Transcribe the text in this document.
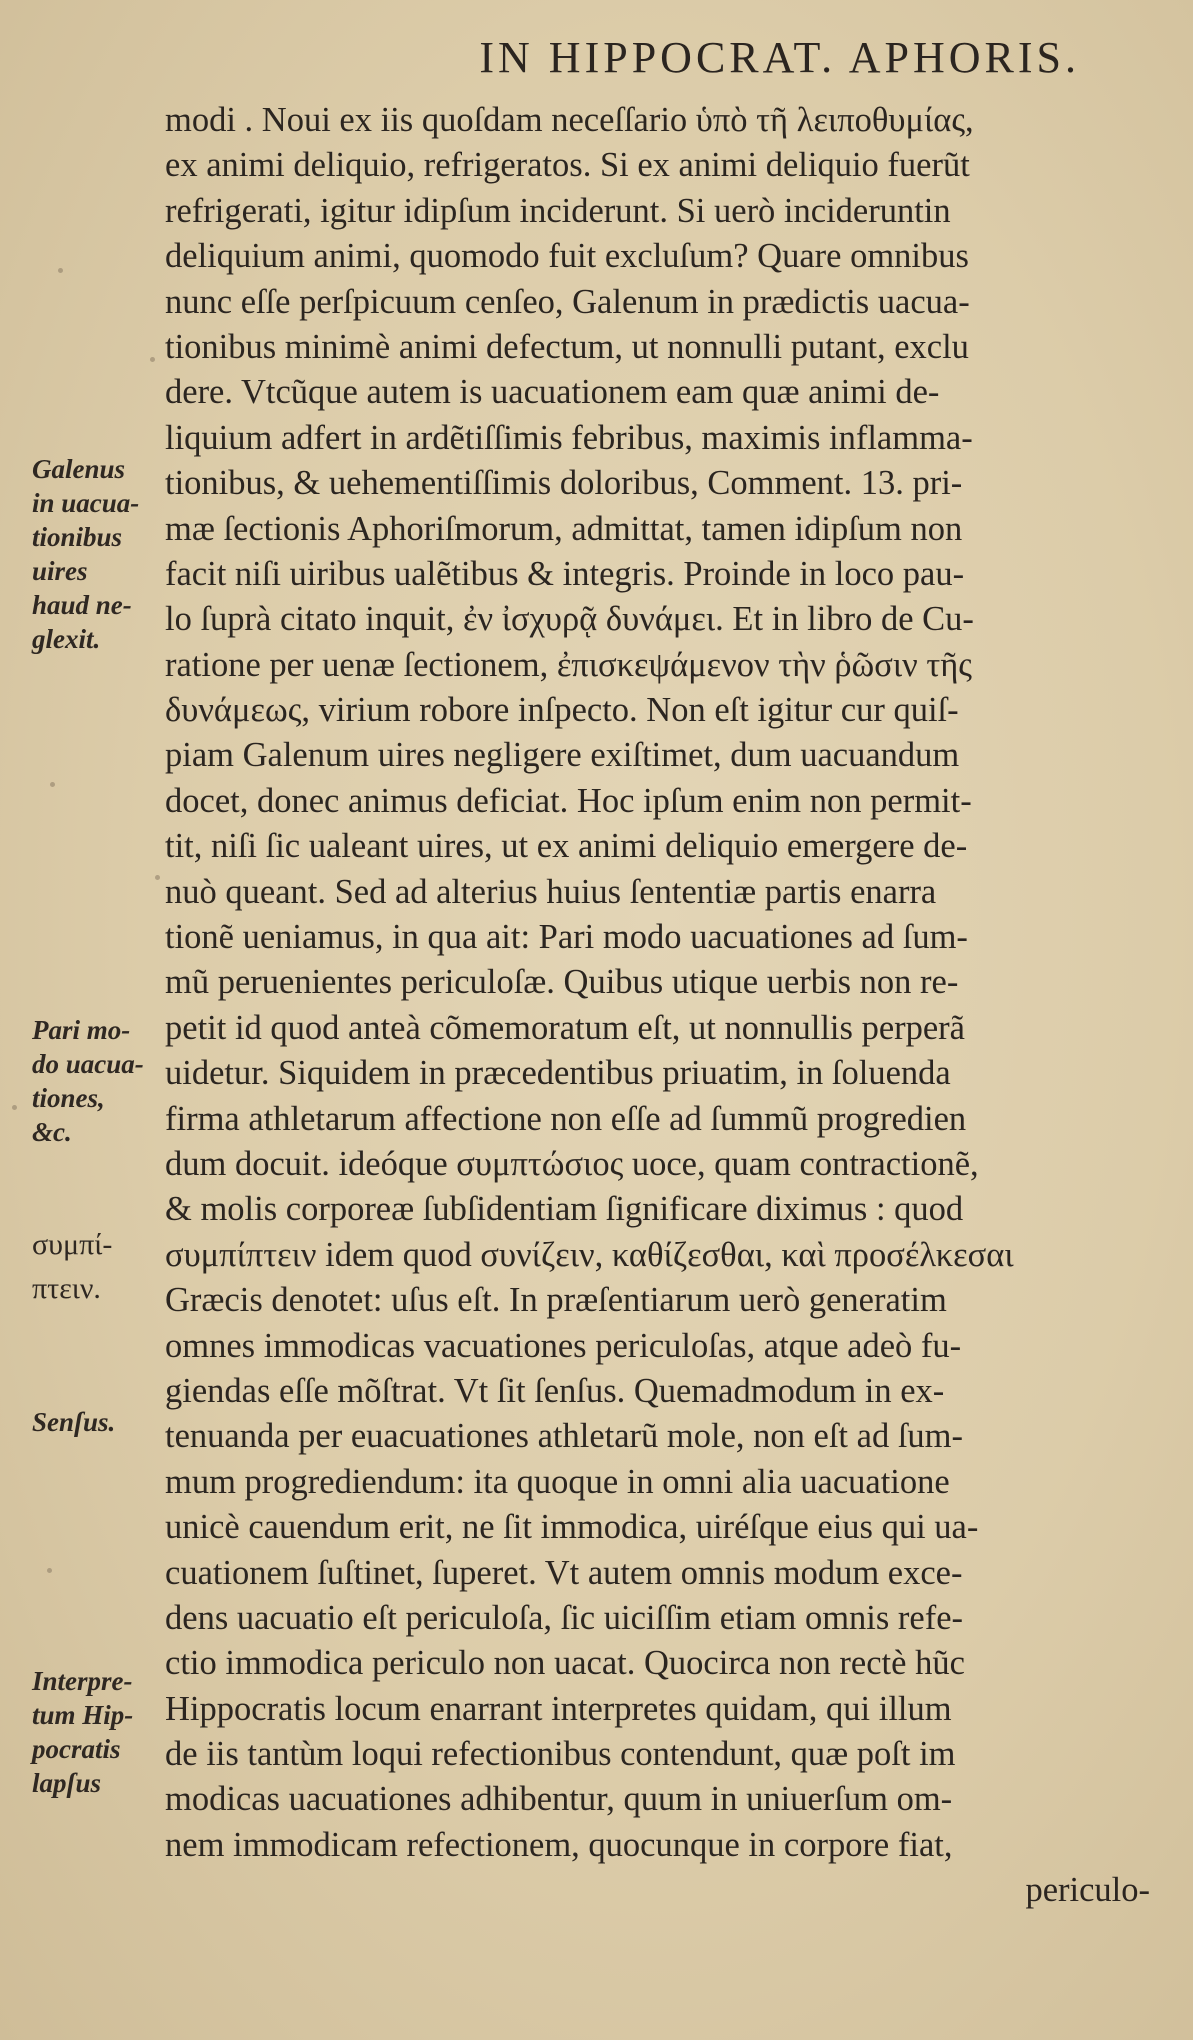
IN HIPPOCRAT. APHORIS.
modi . Noui ex iis quoſdam neceſſario ὑπὸ τῆ λειποθυμίας,
ex animi deliquio, refrigeratos. Si ex animi deliquio fuerũt
refrigerati, igitur idipſum inciderunt. Si uerò incideruntin
deliquium animi, quomodo fuit excluſum? Quare omnibus
nunc eſſe perſpicuum cenſeo, Galenum in prædictis uacua-
tionibus minimè animi defectum, ut nonnulli putant, exclu
dere. Vtcũque autem is uacuationem eam quæ animi de-
liquium adfert in ardẽtiſſimis febribus, maximis inflamma-
tionibus, & uehementiſſimis doloribus, Comment. 13. pri-
mæ ſectionis Aphoriſmorum, admittat, tamen idipſum non
facit niſi uiribus ualẽtibus & integris. Proinde in loco pau-
lo ſuprà citato inquit, ἐν ἰσχυρᾷ δυνάμει. Et in libro de Cu-
ratione per uenæ ſectionem, ἐπισκεψάμενον τὴν ῥῶσιν τῆς
δυνάμεως, virium robore inſpecto. Non eſt igitur cur quiſ-
piam Galenum uires negligere exiſtimet, dum uacuandum
docet, donec animus deficiat. Hoc ipſum enim non permit-
tit, niſi ſic ualeant uires, ut ex animi deliquio emergere de-
nuò queant. Sed ad alterius huius ſententiæ partis enarra
tionẽ ueniamus, in qua ait: Pari modo uacuationes ad ſum-
mũ peruenientes periculoſæ. Quibus utique uerbis non re-
petit id quod anteà cõmemoratum eſt, ut nonnullis perperã
uidetur. Siquidem in præcedentibus priuatim, in ſoluenda
firma athletarum affectione non eſſe ad ſummũ progredien
dum docuit. ideóque συμπτώσιος uoce, quam contractionẽ,
& molis corporeæ ſubſidentiam ſignificare diximus : quod
συμπίπτειν idem quod συνίζειν, καθίζεσθαι, καὶ προσέλκεσαι
Græcis denotet: uſus eſt. In præſentiarum uerò generatim
omnes immodicas vacuationes periculoſas, atque adeò fu-
giendas eſſe mõſtrat. Vt ſit ſenſus. Quemadmodum in ex-
tenuanda per euacuationes athletarũ mole, non eſt ad ſum-
mum progrediendum: ita quoque in omni alia uacuatione
unicè cauendum erit, ne ſit immodica, uiréſque eius qui ua-
cuationem ſuſtinet, ſuperet. Vt autem omnis modum exce-
dens uacuatio eſt periculoſa, ſic uiciſſim etiam omnis refe-
ctio immodica periculo non uacat. Quocirca non rectè hũc
Hippocratis locum enarrant interpretes quidam, qui illum
de iis tantùm loqui refectionibus contendunt, quæ poſt im
modicas uacuationes adhibentur, quum in uniuerſum om-
nem immodicam refectionem, quocunque in corpore fiat,
periculo-
Galenus
in uacua-
tionibus
uires
haud ne-
glexit.
Pari mo-
do uacua-
tiones,
&c.
συμπί-
πτειν.
Senſus.
Interpre-
tum Hip-
pocratis
lapſus
